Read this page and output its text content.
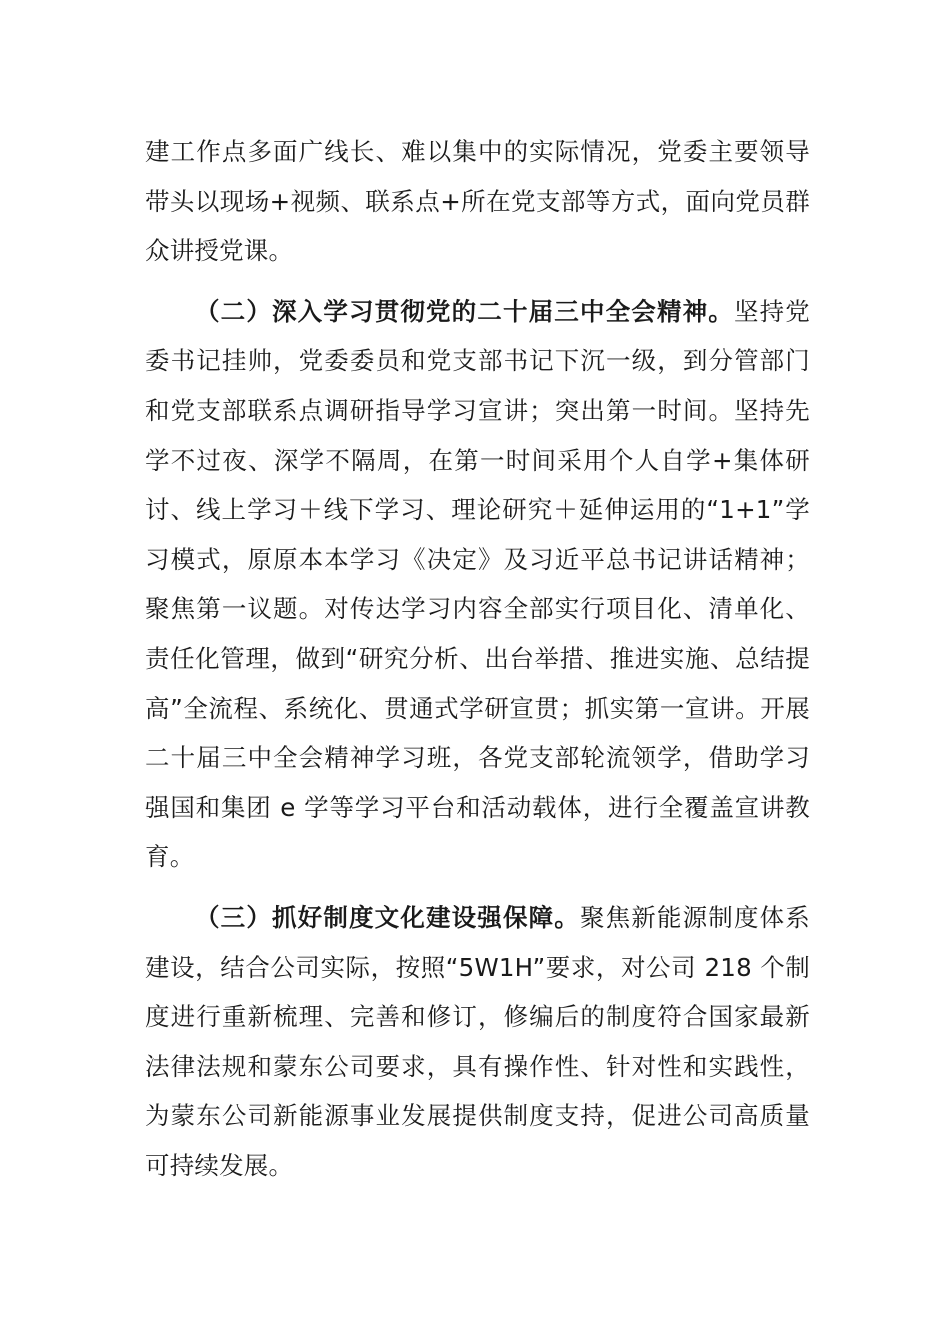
建工作点多面广线长、难以集中的实际情况，党委主要领导带头以现场+视频、联系点+所在党支部等方式，面向党员群众讲授党课。

（二）深入学习贯彻党的二十届三中全会精神。坚持党委书记挂帅，党委委员和党支部书记下沉一级，到分管部门和党支部联系点调研指导学习宣讲；突出第一时间。坚持先学不过夜、深学不隔周，在第一时间采用个人自学+集体研讨、线上学习＋线下学习、理论研究＋延伸运用的“1+1”学习模式，原原本本学习《决定》及习近平总书记讲话精神；聚焦第一议题。对传达学习内容全部实行项目化、清单化、责任化管理，做到“研究分析、出台举措、推进实施、总结提高”全流程、系统化、贯通式学研宣贯；抓实第一宣讲。开展二十届三中全会精神学习班，各党支部轮流领学，借助学习强国和集团 e 学等学习平台和活动载体，进行全覆盖宣讲教育。

（三）抓好制度文化建设强保障。聚焦新能源制度体系建设，结合公司实际，按照“5W1H”要求，对公司 218 个制度进行重新梳理、完善和修订，修编后的制度符合国家最新法律法规和蒙东公司要求，具有操作性、针对性和实践性，为蒙东公司新能源事业发展提供制度支持，促进公司高质量可持续发展。
